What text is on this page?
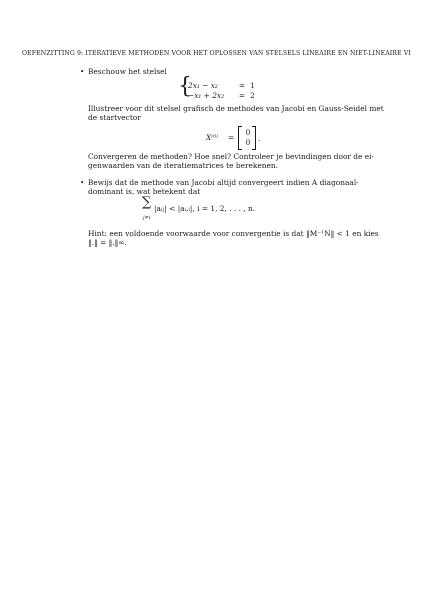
OEFENZITTING 9: ITERATIEVE METHODEN VOOR HET OPLOSSEN VAN STELSELS LINEAIRE EN NIET-LINEAIRE VI
• Beschouw het stelsel

{
2x₁ − x₂	= 1
−x₁ + 2x₂ = 2

Illustreer voor dit stelsel grafisch de methodes van Jacobi en Gauss-Seidel met

de startvector

X⁽⁰⁾ =
0
0 .

Convergeren de methoden? Hoe snel? Controleer je bevindingen door de ei-

genwaarden van de iteratiematrices te berekenen.

• Bewijs dat de methode van Jacobi altijd convergeert indien A diagonaal-

dominant is, wat betekent dat

∑
j≠i
|aᵢⱼ| < |aᵢ,ᵢ|, i = 1, 2, . . . , n.

Hint: een voldoende voorwaarde voor convergentie is dat ‖M⁻¹N‖ < 1 en kies

‖.‖ = ‖.‖∞.
